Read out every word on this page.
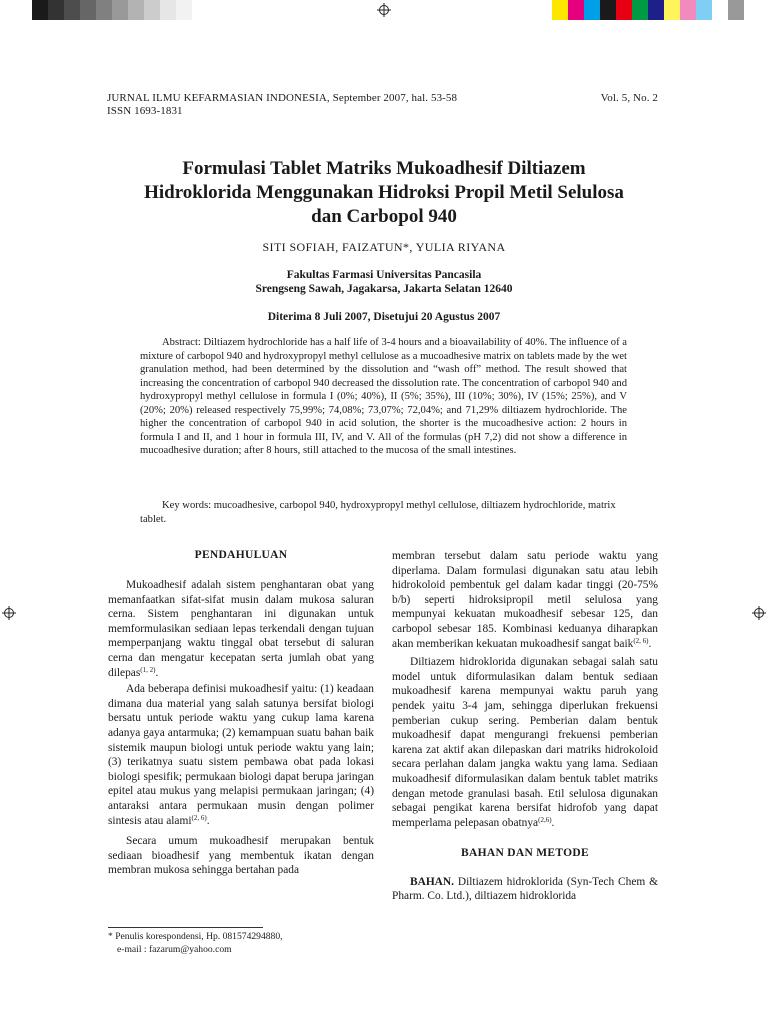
JURNAL ILMU KEFARMASIAN INDONESIA, September 2007, hal. 53-58
ISSN 1693-1831
Vol. 5, No. 2
Formulasi Tablet Matriks Mukoadhesif Diltiazem
Hidroklorida Menggunakan Hidroksi Propil Metil Selulosa
dan Carbopol 940
SITI SOFIAH, FAIZATUN*, YULIA RIYANA
Fakultas Farmasi Universitas Pancasila
Srengseng Sawah, Jagakarsa, Jakarta Selatan 12640
Diterima 8 Juli 2007, Disetujui 20 Agustus 2007
Abstract: Diltiazem hydrochloride has a half life of 3-4 hours and a bioavailability of 40%. The influence of a mixture of carbopol 940 and hydroxypropyl methyl cellulose as a mucoadhesive matrix on tablets made by the wet granulation method, had been determined by the dissolution and “wash off” method. The result showed that increasing the concentration of carbopol 940 decreased the dissolution rate. The concentration of carbopol 940 and hydroxypropyl methyl cellulose in formula I (0%; 40%), II (5%; 35%), III (10%; 30%), IV (15%; 25%), and V (20%; 20%) released respectively 75,99%; 74,08%; 73,07%; 72,04%; and 71,29% diltiazem hydrochloride. The higher the concentration of carbopol 940 in acid solution, the shorter is the mucoadhesive action: 2 hours in formula I and II, and 1 hour in formula III, IV, and V. All of the formulas (pH 7,2) did not show a difference in mucoadhesive duration; after 8 hours, still attached to the mucosa of the small intestines.
Key words: mucoadhesive, carbopol 940, hydroxypropyl methyl cellulose, diltiazem hydrochloride, matrix tablet.
PENDAHULUAN

Mukoadhesif adalah sistem penghantaran obat yang memanfaatkan sifat-sifat musin dalam mukosa saluran cerna. Sistem penghantaran ini digunakan untuk memformulasikan sediaan lepas terkendali dengan tujuan memperpanjang waktu tinggal obat tersebut di saluran cerna dan mengatur kecepatan serta jumlah obat yang dilepas$^{(1, 2)}$.

Ada beberapa definisi mukoadhesif yaitu: (1) keadaan dimana dua material yang salah satunya bersifat biologi bersatu untuk periode waktu yang cukup lama karena adanya gaya antarmuka; (2) kemampuan suatu bahan baik sistemik maupun biologi untuk periode waktu yang lain; (3) terikatnya suatu sistem pembawa obat pada lokasi biologi spesifik; permukaan biologi dapat berupa jaringan epitel atau mukus yang melapisi permukaan jaringan; (4) antaraksi antara permukaan musin dengan polimer sintesis atau alami$^{(2, 6)}$.

Secara umum mukoadhesif merupakan bentuk sediaan bioadhesif yang membentuk ikatan dengan membran mukosa sehingga bertahan pada

* Penulis korespondensi, Hp. 081574294880,
e-mail : fazarum@yahoo.com

membran tersebut dalam satu periode waktu yang diperlama. Dalam formulasi digunakan satu atau lebih hidrokoloid pembentuk gel dalam kadar tinggi (20-75% b/b) seperti hidroksipropil metil selulosa yang mempunyai kekuatan mukoadhesif sebesar 125, dan carbopol sebesar 185. Kombinasi keduanya diharapkan akan memberikan kekuatan mukoadhesif sangat baik$^{(2, 6)}$.

Diltiazem hidroklorida digunakan sebagai salah satu model untuk diformulasikan dalam bentuk sediaan mukoadhesif karena mempunyai waktu paruh yang pendek yaitu 3-4 jam, sehingga diperlukan frekuensi pemberian cukup sering. Pemberian dalam bentuk mukoadhesif dapat mengurangi frekuensi pemberian karena zat aktif akan dilepaskan dari matriks hidrokoloid secara perlahan dalam jangka waktu yang lama. Sediaan mukoadhesif diformulasikan dalam bentuk tablet matriks dengan metode granulasi basah. Etil selulosa digunakan sebagai pengikat karena bersifat hidrofob yang dapat memperlama pelepasan obatnya$^{(2,6)}$.

BAHAN DAN METODE

BAHAN. Diltiazem hidroklorida (Syn-Tech Chem & Pharm. Co. Ltd.), diltiazem hidroklorida
